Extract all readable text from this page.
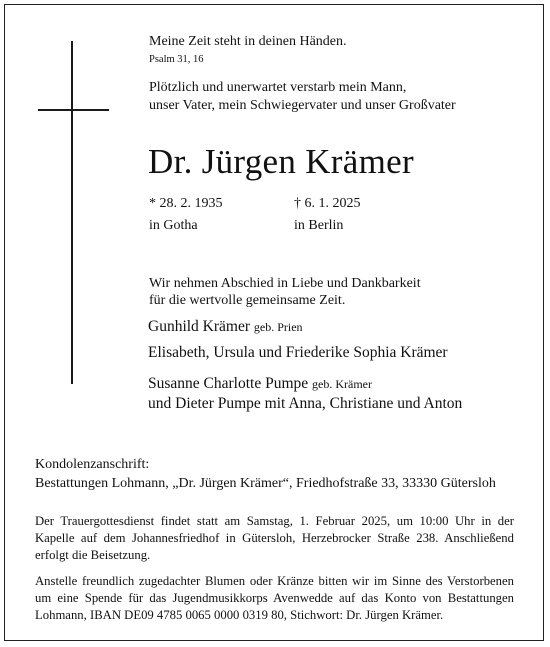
Meine Zeit steht in deinen Händen.
Psalm 31, 16
Plötzlich und unerwartet verstarb mein Mann,
unser Vater, mein Schwiegervater und unser Großvater
Dr. Jürgen Krämer
* 28. 2. 1935
in Gotha
† 6. 1. 2025
in Berlin
Wir nehmen Abschied in Liebe und Dankbarkeit
für die wertvolle gemeinsame Zeit.
Gunhild Krämer geb. Prien
Elisabeth, Ursula und Friederike Sophia Krämer
Susanne Charlotte Pumpe geb. Krämer
und Dieter Pumpe mit Anna, Christiane und Anton
Kondolenzanschrift:
Bestattungen Lohmann, „Dr. Jürgen Krämer“, Friedhofstraße 33, 33330 Gütersloh
Der Trauergottesdienst findet statt am Samstag, 1. Februar 2025, um 10:00 Uhr in der
Kapelle auf dem Johannesfriedhof in Gütersloh, Herzebrocker Straße 238. Anschließend
erfolgt die Beisetzung.
Anstelle freundlich zugedachter Blumen oder Kränze bitten wir im Sinne des Verstorbenen
um eine Spende für das Jugendmusikkorps Avenwedde auf das Konto von Bestattungen
Lohmann, IBAN DE09 4785 0065 0000 0319 80, Stichwort: Dr. Jürgen Krämer.
